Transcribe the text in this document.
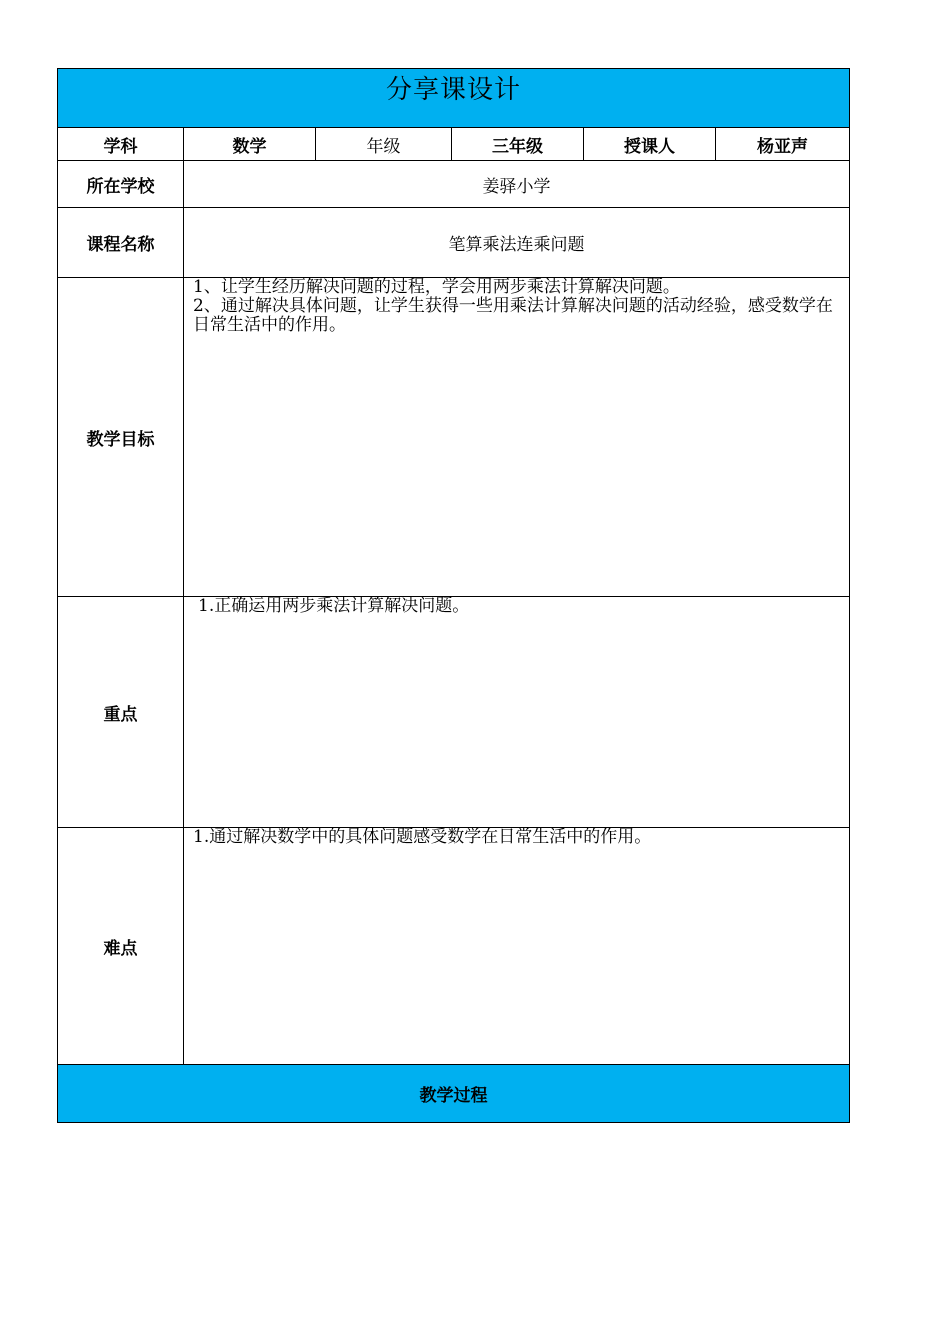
分享课设计					
学科	数学	年级	三年级	授课人	杨亚声
所在学校	姜驿小学				
课程名称	笔算乘法连乘问题				
教学目标	1、让学生经历解决问题的过程，学会用两步乘法计算解决问题。

2、通过解决具体问题，让学生获得一些用乘法计算解决问题的活动经验，感受数学在日常生活中的作用。				

重点	1.正确运用两步乘法计算解决问题。				

难点	1.通过解决数学中的具体问题感受数学在日常生活中的作用。				

教学过程					
